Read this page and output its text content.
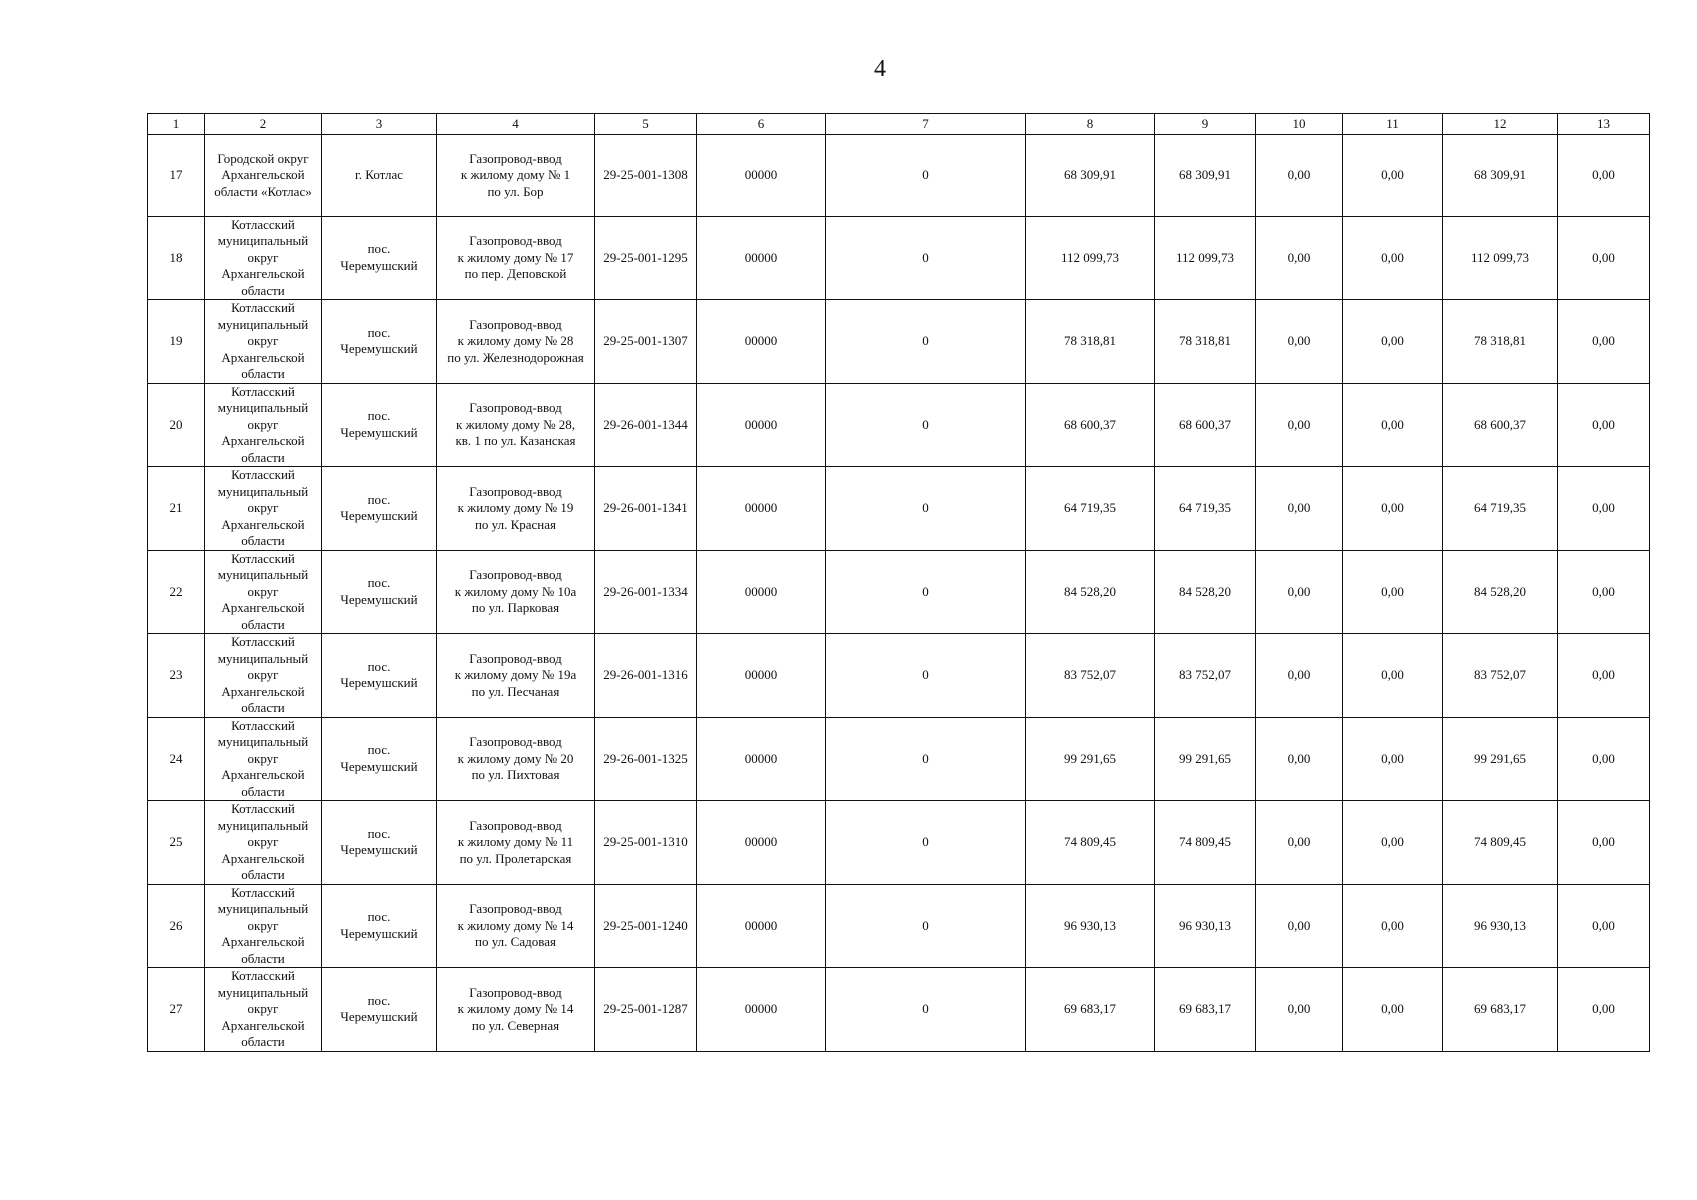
4
1	2	3	4	5	6	7	8	9	10	11	12	13
17	Городской округ
Архангельской
области «Котлас»	г. Котлас	Газопровод-ввод
к жилому дому № 1
по ул. Бор	29-25-001-1308	00000	0	68 309,91	68 309,91	0,00	0,00	68 309,91	0,00
18	Котласский
муниципальный
округ
Архангельской
области	пос.
Черемушский	Газопровод-ввод
к жилому дому № 17
по пер. Деповской	29-25-001-1295	00000	0	112 099,73	112 099,73	0,00	0,00	112 099,73	0,00
19	Котласский
муниципальный
округ
Архангельской
области	пос.
Черемушский	Газопровод-ввод
к жилому дому № 28
по ул. Железнодорожная	29-25-001-1307	00000	0	78 318,81	78 318,81	0,00	0,00	78 318,81	0,00
20	Котласский
муниципальный
округ
Архангельской
области	пос.
Черемушский	Газопровод-ввод
к жилому дому № 28,
кв. 1 по ул. Казанская	29-26-001-1344	00000	0	68 600,37	68 600,37	0,00	0,00	68 600,37	0,00
21	Котласский
муниципальный
округ
Архангельской
области	пос.
Черемушский	Газопровод-ввод
к жилому дому № 19
по ул. Красная	29-26-001-1341	00000	0	64 719,35	64 719,35	0,00	0,00	64 719,35	0,00
22	Котласский
муниципальный
округ
Архангельской
области	пос.
Черемушский	Газопровод-ввод
к жилому дому № 10а
по ул. Парковая	29-26-001-1334	00000	0	84 528,20	84 528,20	0,00	0,00	84 528,20	0,00
23	Котласский
муниципальный
округ
Архангельской
области	пос.
Черемушский	Газопровод-ввод
к жилому дому № 19а
по ул. Песчаная	29-26-001-1316	00000	0	83 752,07	83 752,07	0,00	0,00	83 752,07	0,00
24	Котласский
муниципальный
округ
Архангельской
области	пос.
Черемушский	Газопровод-ввод
к жилому дому № 20
по ул. Пихтовая	29-26-001-1325	00000	0	99 291,65	99 291,65	0,00	0,00	99 291,65	0,00
25	Котласский
муниципальный
округ
Архангельской
области	пос.
Черемушский	Газопровод-ввод
к жилому дому № 11
по ул. Пролетарская	29-25-001-1310	00000	0	74 809,45	74 809,45	0,00	0,00	74 809,45	0,00
26	Котласский
муниципальный
округ
Архангельской
области	пос.
Черемушский	Газопровод-ввод
к жилому дому № 14
по ул. Садовая	29-25-001-1240	00000	0	96 930,13	96 930,13	0,00	0,00	96 930,13	0,00
27	Котласский
муниципальный
округ
Архангельской
области	пос.
Черемушский	Газопровод-ввод
к жилому дому № 14
по ул. Северная	29-25-001-1287	00000	0	69 683,17	69 683,17	0,00	0,00	69 683,17	0,00
